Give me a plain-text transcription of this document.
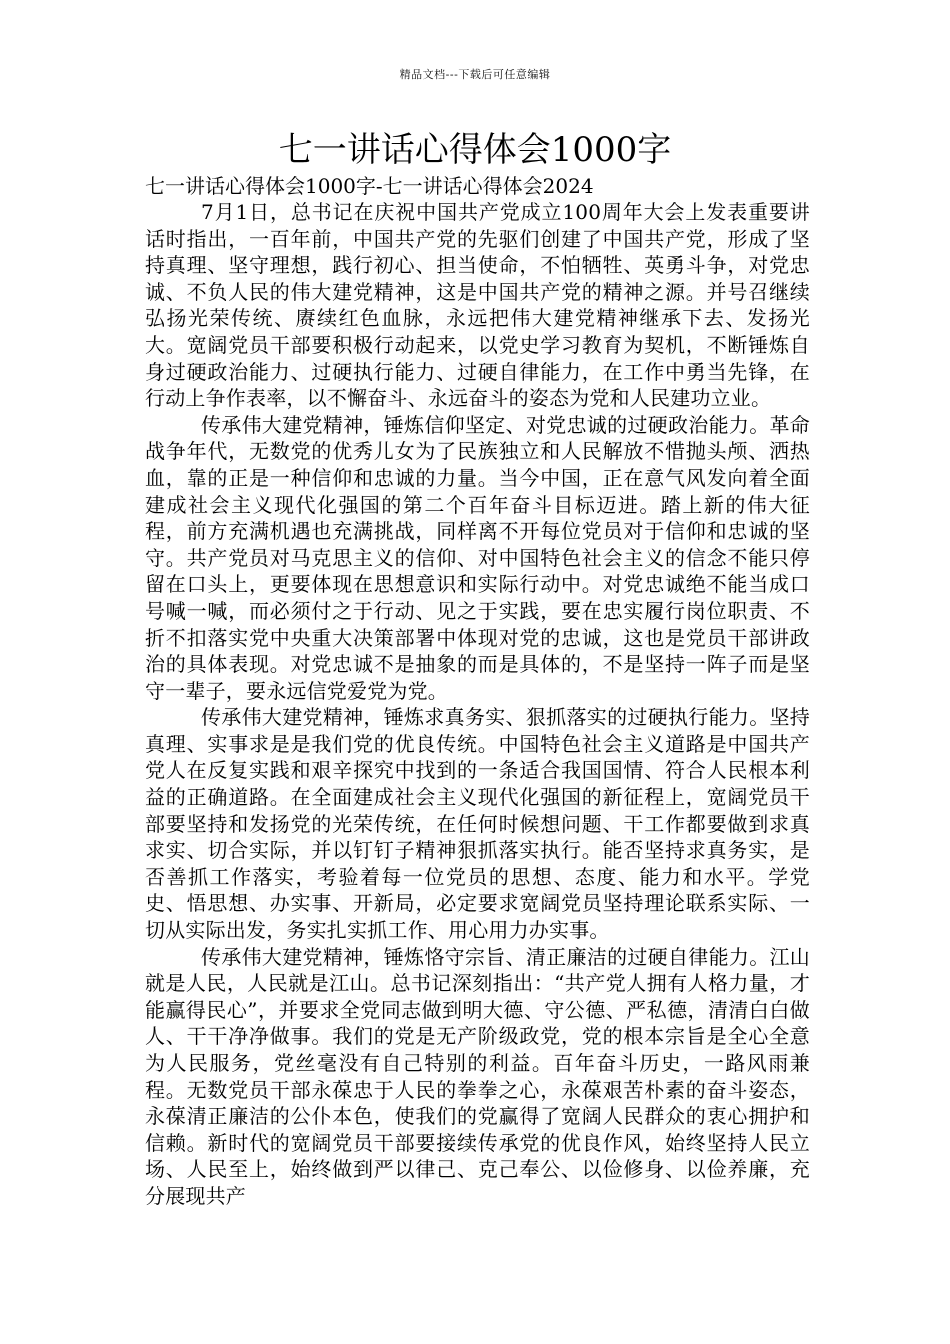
精品文档---下载后可任意编辑
七一讲话心得体会1000字

七一讲话心得体会1000字-七一讲话心得体会2024

7月1日，总书记在庆祝中国共产党成立100周年大会上发表重要讲话时指出，一百年前，中国共产党的先驱们创建了中国共产党，形成了坚持真理、坚守理想，践行初心、担当使命，不怕牺牲、英勇斗争，对党忠诚、不负人民的伟大建党精神，这是中国共产党的精神之源。并号召继续弘扬光荣传统、赓续红色血脉，永远把伟大建党精神继承下去、发扬光大。宽阔党员干部要积极行动起来，以党史学习教育为契机，不断锤炼自身过硬政治能力、过硬执行能力、过硬自律能力，在工作中勇当先锋，在行动上争作表率，以不懈奋斗、永远奋斗的姿态为党和人民建功立业。

传承伟大建党精神，锤炼信仰坚定、对党忠诚的过硬政治能力。革命战争年代，无数党的优秀儿女为了民族独立和人民解放不惜抛头颅、洒热血，靠的正是一种信仰和忠诚的力量。当今中国，正在意气风发向着全面建成社会主义现代化强国的第二个百年奋斗目标迈进。踏上新的伟大征程，前方充满机遇也充满挑战，同样离不开每位党员对于信仰和忠诚的坚守。共产党员对马克思主义的信仰、对中国特色社会主义的信念不能只停留在口头上，更要体现在思想意识和实际行动中。对党忠诚绝不能当成口号喊一喊，而必须付之于行动、见之于实践，要在忠实履行岗位职责、不折不扣落实党中央重大决策部署中体现对党的忠诚，这也是党员干部讲政治的具体表现。对党忠诚不是抽象的而是具体的，不是坚持一阵子而是坚守一辈子，要永远信党爱党为党。

传承伟大建党精神，锤炼求真务实、狠抓落实的过硬执行能力。坚持真理、实事求是是我们党的优良传统。中国特色社会主义道路是中国共产党人在反复实践和艰辛探究中找到的一条适合我国国情、符合人民根本利益的正确道路。在全面建成社会主义现代化强国的新征程上，宽阔党员干部要坚持和发扬党的光荣传统，在任何时候想问题、干工作都要做到求真求实、切合实际，并以钉钉子精神狠抓落实执行。能否坚持求真务实，是否善抓工作落实，考验着每一位党员的思想、态度、能力和水平。学党史、悟思想、办实事、开新局，必定要求宽阔党员坚持理论联系实际、一切从实际出发，务实扎实抓工作、用心用力办实事。

传承伟大建党精神，锤炼恪守宗旨、清正廉洁的过硬自律能力。江山就是人民，人民就是江山。总书记深刻指出：“共产党人拥有人格力量，才能赢得民心”，并要求全党同志做到明大德、守公德、严私德，清清白白做人、干干净净做事。我们的党是无产阶级政党，党的根本宗旨是全心全意为人民服务，党丝毫没有自己特别的利益。百年奋斗历史，一路风雨兼程。无数党员干部永葆忠于人民的拳拳之心，永葆艰苦朴素的奋斗姿态，永葆清正廉洁的公仆本色，使我们的党赢得了宽阔人民群众的衷心拥护和信赖。新时代的宽阔党员干部要接续传承党的优良作风，始终坚持人民立场、人民至上，始终做到严以律己、克己奉公、以俭修身、以俭养廉，充分展现共产
